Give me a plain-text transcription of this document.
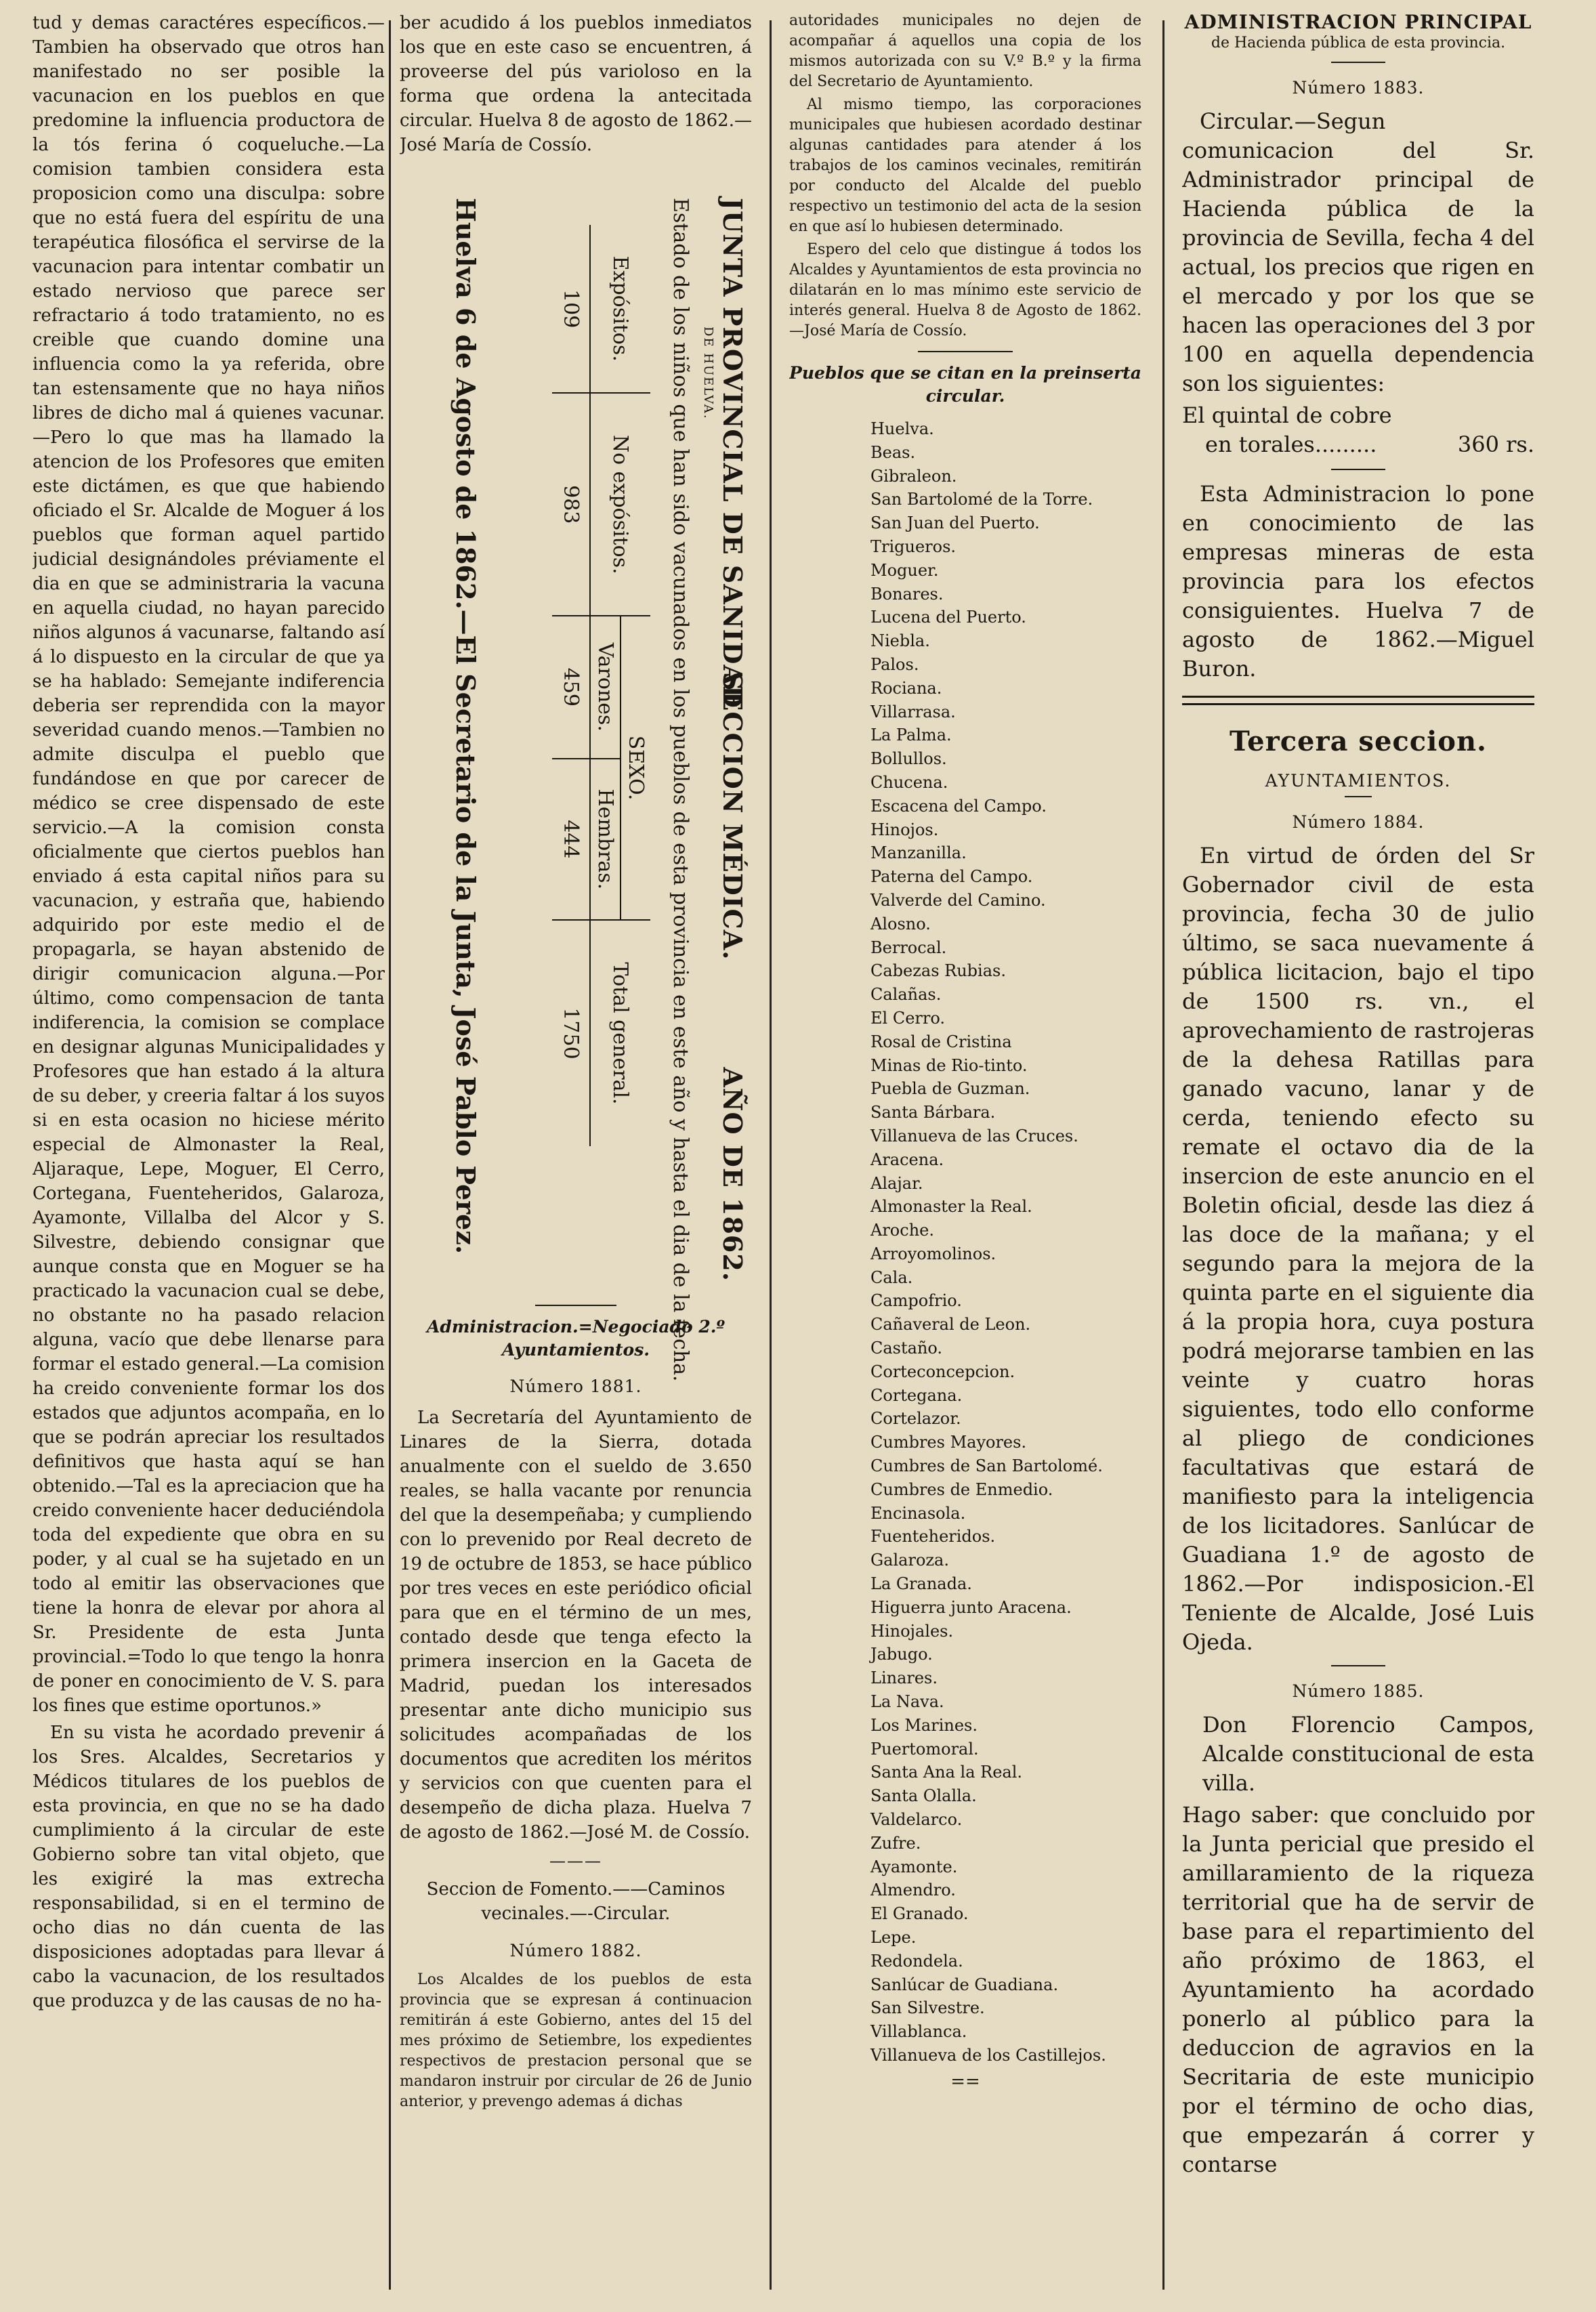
tud y demas caractéres específicos.—Tambien ha observado que otros han manifestado no ser posible la vacunacion en los pueblos en que predomine la influencia productora de la tós ferina ó coqueluche.—La comision tambien considera esta proposicion como una disculpa: sobre que no está fuera del espíritu de una terapéutica filosófica el servirse de la vacunacion para intentar combatir un estado nervioso que parece ser refractario á todo tratamiento, no es creible que cuando domine una influencia como la ya referida, obre tan estensamente que no haya niños libres de dicho mal á quienes vacunar.—Pero lo que mas ha llamado la atencion de los Profesores que emiten este dictámen, es que que habiendo oficiado el Sr. Alcalde de Moguer á los pueblos que forman aquel partido judicial designándoles préviamente el dia en que se administraria la vacuna en aquella ciudad, no hayan parecido niños algunos á vacunarse, faltando así á lo dispuesto en la circular de que ya se ha hablado: Semejante indiferencia deberia ser reprendida con la mayor severidad cuando menos.—Tambien no admite disculpa el pueblo que fundándose en que por carecer de médico se cree dispensado de este servicio.—A la comision consta oficialmente que ciertos pueblos han enviado á esta capital niños para su vacunacion, y estraña que, habiendo adquirido por este medio el de propagarla, se hayan abstenido de dirigir comunicacion alguna.—Por último, como compensacion de tanta indiferencia, la comision se complace en designar algunas Municipalidades y Profesores que han estado á la altura de su deber, y creeria faltar á los suyos si en esta ocasion no hiciese mérito especial de Almonaster la Real, Aljaraque, Lepe, Moguer, El Cerro, Cortegana, Fuenteheridos, Galaroza, Ayamonte, Villalba del Alcor y S. Silvestre, debiendo consignar que aunque consta que en Moguer se ha practicado la vacunacion cual se debe, no obstante no ha pasado relacion alguna, vacío que debe llenarse para formar el estado general.—La comision ha creido conveniente formar los dos estados que adjuntos acompaña, en lo que se podrán apreciar los resultados definitivos que hasta aquí se han obtenido.—Tal es la apreciacion que ha creido conveniente hacer deduciéndola toda del expediente que obra en su poder, y al cual se ha sujetado en un todo al emitir las observaciones que tiene la honra de elevar por ahora al Sr. Presidente de esta Junta provincial.=Todo lo que tengo la honra de poner en conocimiento de V. S. para los fines que estime oportunos.»

En su vista he acordado prevenir á los Sres. Alcaldes, Secretarios y Médicos titulares de los pueblos de esta provincia, en que no se ha dado cumplimiento á la circular de este Gobierno sobre tan vital objeto, que les exigiré la mas extrecha responsabilidad, si en el termino de ocho dias no dán cuenta de las disposiciones adoptadas para llevar á cabo la vacunacion, de los resultados que produzca y de las causas de no ha-

ber acudido á los pueblos inmediatos los que en este caso se encuentren, á proveerse del pús varioloso en la forma que ordena la antecitada circular. Huelva 8 de agosto de 1862.—José María de Cossío.

JUNTA PROVINCIAL DE SANIDAD
SECCION MÉDICA.
AÑO DE 1862.
DE HUELVA.
Estado de los niños que han sido vacunados en los pueblos de esta provincia en este año y hasta el dia de la fecha.
Expósitos.	No expósitos.	SEXO.		Total general.
		Varones.	Hembras.	
109	983	459	444	1750
Huelva 6 de Agosto de 1862.—El Secretario de la Junta, José Pablo Perez.

Administracion.=Negociado 2.º Ayuntamientos.

Número 1881.

La Secretaría del Ayuntamiento de Linares de la Sierra, dotada anualmente con el sueldo de 3.650 reales, se halla vacante por renuncia del que la desempeñaba; y cumpliendo con lo prevenido por Real decreto de 19 de octubre de 1853, se hace público por tres veces en este periódico oficial para que en el término de un mes, contado desde que tenga efecto la primera insercion en la Gaceta de Madrid, puedan los interesados presentar ante dicho municipio sus solicitudes acompañadas de los documentos que acrediten los méritos y servicios con que cuenten para el desempeño de dicha plaza. Huelva 7 de agosto de 1862.—José M. de Cossío.

———

Seccion de Fomento.——Caminos vecinales.—-Circular.

Número 1882.

Los Alcaldes de los pueblos de esta provincia que se expresan á continuacion remitirán á este Gobierno, antes del 15 del mes próximo de Setiembre, los expedientes respectivos de prestacion personal que se mandaron instruir por circular de 26 de Junio anterior, y prevengo ademas á dichas

autoridades municipales no dejen de acompañar á aquellos una copia de los mismos autorizada con su V.º B.º y la firma del Secretario de Ayuntamiento.

Al mismo tiempo, las corporaciones municipales que hubiesen acordado destinar algunas cantidades para atender á los trabajos de los caminos vecinales, remitirán por conducto del Alcalde del pueblo respectivo un testimonio del acta de la sesion en que así lo hubiesen determinado.

Espero del celo que distingue á todos los Alcaldes y Ayuntamientos de esta provincia no dilatarán en lo mas mínimo este servicio de interés general. Huelva 8 de Agosto de 1862.—José María de Cossío.

Pueblos que se citan en la preinserta circular.

Huelva.
Beas.
Gibraleon.
San Bartolomé de la Torre.
San Juan del Puerto.
Trigueros.
Moguer.
Bonares.
Lucena del Puerto.
Niebla.
Palos.
Rociana.
Villarrasa.
La Palma.
Bollullos.
Chucena.
Escacena del Campo.
Hinojos.
Manzanilla.
Paterna del Campo.
Valverde del Camino.
Alosno.
Berrocal.
Cabezas Rubias.
Calañas.
El Cerro.
Rosal de Cristina
Minas de Rio-tinto.
Puebla de Guzman.
Santa Bárbara.
Villanueva de las Cruces.
Aracena.
Alajar.
Almonaster la Real.
Aroche.
Arroyomolinos.
Cala.
Campofrio.
Cañaveral de Leon.
Castaño.
Corteconcepcion.
Cortegana.
Cortelazor.
Cumbres Mayores.
Cumbres de San Bartolomé.
Cumbres de Enmedio.
Encinasola.
Fuenteheridos.
Galaroza.
La Granada.
Higuerra junto Aracena.
Hinojales.
Jabugo.
Linares.
La Nava.
Los Marines.
Puertomoral.
Santa Ana la Real.
Santa Olalla.
Valdelarco.
Zufre.
Ayamonte.
Almendro.
El Granado.
Lepe.
Redondela.
Sanlúcar de Guadiana.
San Silvestre.
Villablanca.
Villanueva de los Castillejos.
==
ADMINISTRACION PRINCIPAL
de Hacienda pública de esta provincia.
Número 1883.

Circular.—Segun comunicacion del Sr. Administrador principal de Hacienda pública de la provincia de Sevilla, fecha 4 del actual, los precios que rigen en el mercado y por los que se hacen las operaciones del 3 por 100 en aquella dependencia son los siguientes:

El quintal de cobre
en torales.........	360 rs.

Esta Administracion lo pone en conocimiento de las empresas mineras de esta provincia para los efectos consiguientes. Huelva 7 de agosto de 1862.—Miguel Buron.

Tercera seccion.
AYUNTAMIENTOS.
Número 1884.

En virtud de órden del Sr Gobernador civil de esta provincia, fecha 30 de julio último, se saca nuevamente á pública licitacion, bajo el tipo de 1500 rs. vn., el aprovechamiento de rastrojeras de la dehesa Ratillas para ganado vacuno, lanar y de cerda, teniendo efecto su remate el octavo dia de la insercion de este anuncio en el Boletin oficial, desde las diez á las doce de la mañana; y el segundo para la mejora de la quinta parte en el siguiente dia á la propia hora, cuya postura podrá mejorarse tambien en las veinte y cuatro horas siguientes, todo ello conforme al pliego de condiciones facultativas que estará de manifiesto para la inteligencia de los licitadores. Sanlúcar de Guadiana 1.º de agosto de 1862.—Por indisposicion.-El Teniente de Alcalde, José Luis Ojeda.

Número 1885.

Don Florencio Campos, Alcalde constitucional de esta villa.

Hago saber: que concluido por la Junta pericial que presido el amillaramiento de la riqueza territorial que ha de servir de base para el repartimiento del año próximo de 1863, el Ayuntamiento ha acordado ponerlo al público para la deduccion de agravios en la Secritaria de este municipio por el término de ocho dias, que empezarán á correr y contarse
